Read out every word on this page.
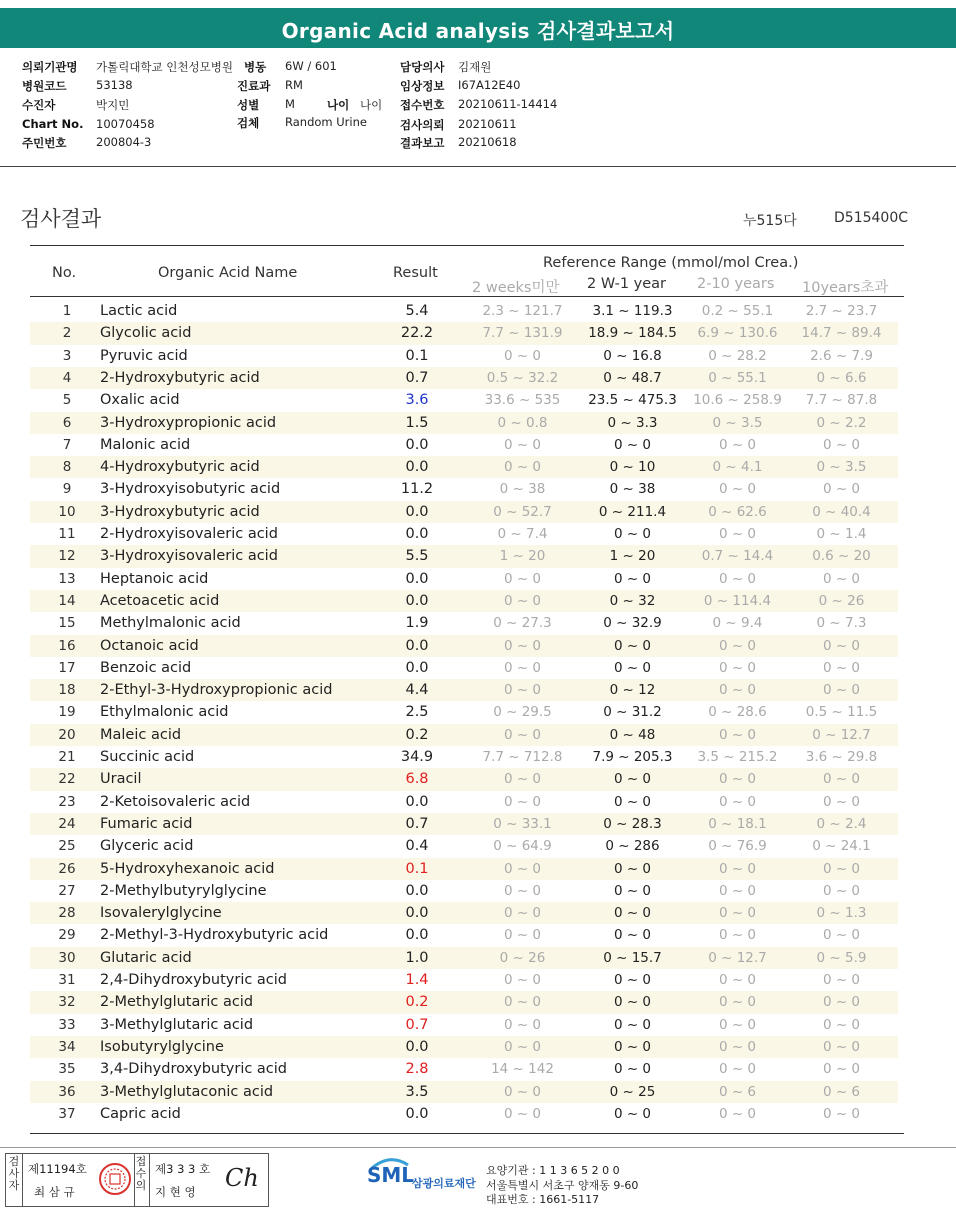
Organic Acid analysis 검사결과보고서
의뢰기관명 가톨릭대학교 인천성모병원 병동 6W / 601	담당의사 김재원
병원코드	53138	진료과 RM	임상정보 I67A12E40
수진자	박지민	성별 M	나이 나이 접수번호 20210611-14414
Chart No. 10070458	검체 Random Urine	검사의뢰 20210611
주민번호	200804-3	결과보고 20210618
검사결과	누515다	D515400C
No.	Organic Acid Name	Result
Reference Range (mmol/mol Crea.)
2 weeks미만 2 W-1 year 2-10 years 10years초과
1	Lactic acid	5.4	2.3 ~ 121.7	3.1 ~ 119.3	0.2 ~ 55.1	2.7 ~ 23.7
2	Glycolic acid	22.2	7.7 ~ 131.9	18.9 ~ 184.5	6.9 ~ 130.6	14.7 ~ 89.4
3	Pyruvic acid	0.1	0 ~ 0	0 ~ 16.8	0 ~ 28.2	2.6 ~ 7.9
4	2-Hydroxybutyric acid	0.7	0.5 ~ 32.2	0 ~ 48.7	0 ~ 55.1	0 ~ 6.6
5	Oxalic acid	3.6	33.6 ~ 535	23.5 ~ 475.3	10.6 ~ 258.9	7.7 ~ 87.8
6	3-Hydroxypropionic acid	1.5	0 ~ 0.8	0 ~ 3.3	0 ~ 3.5	0 ~ 2.2
7	Malonic acid	0.0	0 ~ 0	0 ~ 0	0 ~ 0	0 ~ 0
8	4-Hydroxybutyric acid	0.0	0 ~ 0	0 ~ 10	0 ~ 4.1	0 ~ 3.5
9	3-Hydroxyisobutyric acid	11.2	0 ~ 38	0 ~ 38	0 ~ 0	0 ~ 0
10	3-Hydroxybutyric acid	0.0	0 ~ 52.7	0 ~ 211.4	0 ~ 62.6	0 ~ 40.4
11	2-Hydroxyisovaleric acid	0.0	0 ~ 7.4	0 ~ 0	0 ~ 0	0 ~ 1.4
12	3-Hydroxyisovaleric acid	5.5	1 ~ 20	1 ~ 20	0.7 ~ 14.4	0.6 ~ 20
13	Heptanoic acid	0.0	0 ~ 0	0 ~ 0	0 ~ 0	0 ~ 0
14	Acetoacetic acid	0.0	0 ~ 0	0 ~ 32	0 ~ 114.4	0 ~ 26
15	Methylmalonic acid	1.9	0 ~ 27.3	0 ~ 32.9	0 ~ 9.4	0 ~ 7.3
16	Octanoic acid	0.0	0 ~ 0	0 ~ 0	0 ~ 0	0 ~ 0
17	Benzoic acid	0.0	0 ~ 0	0 ~ 0	0 ~ 0	0 ~ 0
18	2-Ethyl-3-Hydroxypropionic acid	4.4	0 ~ 0	0 ~ 12	0 ~ 0	0 ~ 0
19	Ethylmalonic acid	2.5	0 ~ 29.5	0 ~ 31.2	0 ~ 28.6	0.5 ~ 11.5
20	Maleic acid	0.2	0 ~ 0	0 ~ 48	0 ~ 0	0 ~ 12.7
21	Succinic acid	34.9	7.7 ~ 712.8	7.9 ~ 205.3	3.5 ~ 215.2	3.6 ~ 29.8
22	Uracil	6.8	0 ~ 0	0 ~ 0	0 ~ 0	0 ~ 0
23	2-Ketoisovaleric acid	0.0	0 ~ 0	0 ~ 0	0 ~ 0	0 ~ 0
24	Fumaric acid	0.7	0 ~ 33.1	0 ~ 28.3	0 ~ 18.1	0 ~ 2.4
25	Glyceric acid	0.4	0 ~ 64.9	0 ~ 286	0 ~ 76.9	0 ~ 24.1
26	5-Hydroxyhexanoic acid	0.1	0 ~ 0	0 ~ 0	0 ~ 0	0 ~ 0
27	2-Methylbutyrylglycine	0.0	0 ~ 0	0 ~ 0	0 ~ 0	0 ~ 0
28	Isovalerylglycine	0.0	0 ~ 0	0 ~ 0	0 ~ 0	0 ~ 1.3
29	2-Methyl-3-Hydroxybutyric acid	0.0	0 ~ 0	0 ~ 0	0 ~ 0	0 ~ 0
30	Glutaric acid	1.0	0 ~ 26	0 ~ 15.7	0 ~ 12.7	0 ~ 5.9
31	2,4-Dihydroxybutyric acid	1.4	0 ~ 0	0 ~ 0	0 ~ 0	0 ~ 0
32	2-Methylglutaric acid	0.2	0 ~ 0	0 ~ 0	0 ~ 0	0 ~ 0
33	3-Methylglutaric acid	0.7	0 ~ 0	0 ~ 0	0 ~ 0	0 ~ 0
34	Isobutyrylglycine	0.0	0 ~ 0	0 ~ 0	0 ~ 0	0 ~ 0
35	3,4-Dihydroxybutyric acid	2.8	14 ~ 142	0 ~ 0	0 ~ 0	0 ~ 0
36	3-Methylglutaconic acid	3.5	0 ~ 0	0 ~ 25	0 ~ 6	0 ~ 6
37	Capric acid	0.0	0 ~ 0	0 ~ 0	0 ~ 0	0 ~ 0
검사자
제11194호
최 삼 규
접수의
제3 3 3 호
지 현 영 Ch	SML
삼광의료재단
요양기관 : 1 1 3 6 5 2 0 0
서울특별시 서초구 양재동 9-60
대표번호 : 1661-5117
